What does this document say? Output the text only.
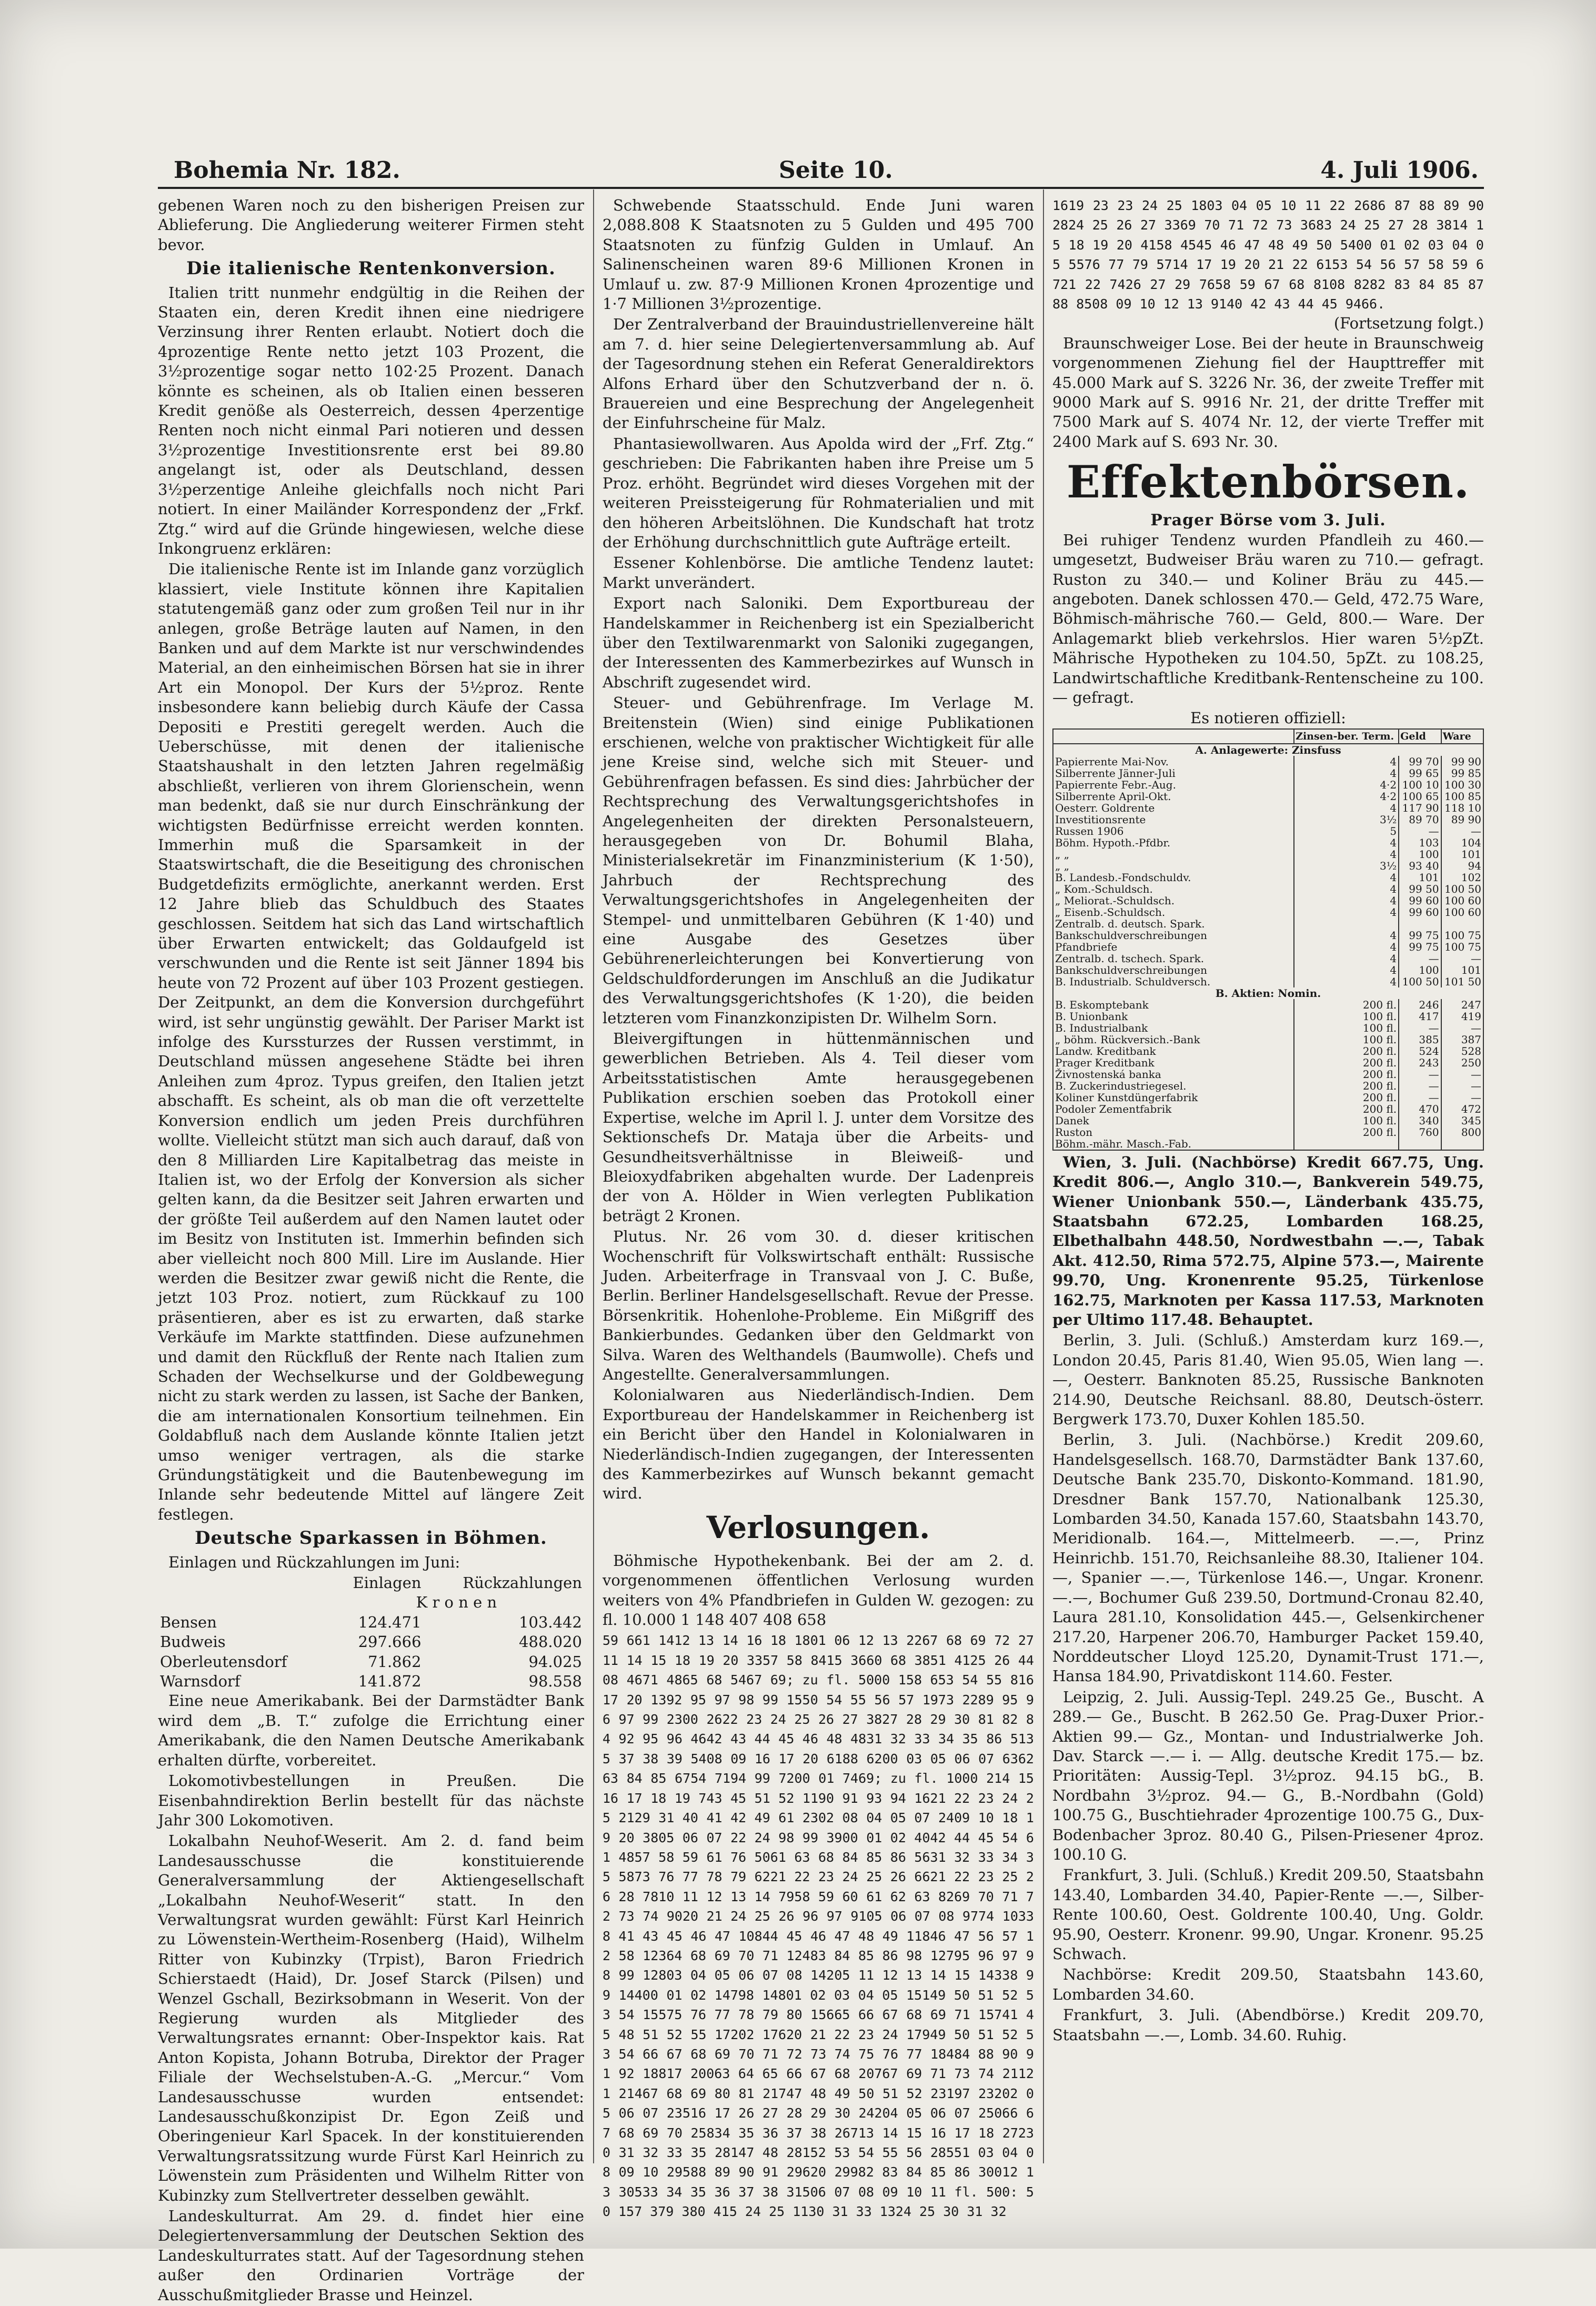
Bohemia Nr. 182.	Seite 10.	4. Juli 1906.

gebenen Waren noch zu den bisherigen Preisen zur Ablieferung. Die Angliederung weiterer Firmen steht bevor.

Die italienische Rentenkonversion.

Italien tritt nunmehr endgültig in die Reihen der Staaten ein, deren Kredit ihnen eine niedrigere Verzinsung ihrer Renten erlaubt. Notiert doch die 4prozentige Rente netto jetzt 103 Prozent, die 3½prozentige sogar netto 102·25 Prozent. Danach könnte es scheinen, als ob Italien einen besseren Kredit genöße als Oesterreich, dessen 4perzentige Renten noch nicht einmal Pari notieren und dessen 3½prozentige Investitionsrente erst bei 89.80 angelangt ist, oder als Deutschland, dessen 3½perzentige Anleihe gleichfalls noch nicht Pari notiert. In einer Mailänder Korrespondenz der „Frkf. Ztg.“ wird auf die Gründe hingewiesen, welche diese Inkongruenz erklären:

Die italienische Rente ist im Inlande ganz vorzüglich klassiert, viele Institute können ihre Kapitalien statutengemäß ganz oder zum großen Teil nur in ihr anlegen, große Beträge lauten auf Namen, in den Banken und auf dem Markte ist nur verschwindendes Material, an den einheimischen Börsen hat sie in ihrer Art ein Monopol. Der Kurs der 5½proz. Rente insbesondere kann beliebig durch Käufe der Cassa Depositi e Prestiti geregelt werden. Auch die Ueberschüsse, mit denen der italienische Staatshaushalt in den letzten Jahren regelmäßig abschließt, verlieren von ihrem Glorienschein, wenn man bedenkt, daß sie nur durch Einschränkung der wichtigsten Bedürfnisse erreicht werden konnten. Immerhin muß die Sparsamkeit in der Staatswirtschaft, die die Beseitigung des chronischen Budgetdefizits ermöglichte, anerkannt werden. Erst 12 Jahre blieb das Schuldbuch des Staates geschlossen. Seitdem hat sich das Land wirtschaftlich über Erwarten entwickelt; das Goldaufgeld ist verschwunden und die Rente ist seit Jänner 1894 bis heute von 72 Prozent auf über 103 Prozent gestiegen. Der Zeitpunkt, an dem die Konversion durchgeführt wird, ist sehr ungünstig gewählt. Der Pariser Markt ist infolge des Kurssturzes der Russen verstimmt, in Deutschland müssen angesehene Städte bei ihren Anleihen zum 4proz. Typus greifen, den Italien jetzt abschafft. Es scheint, als ob man die oft verzettelte Konversion endlich um jeden Preis durchführen wollte. Vielleicht stützt man sich auch darauf, daß von den 8 Milliarden Lire Kapitalbetrag das meiste in Italien ist, wo der Erfolg der Konversion als sicher gelten kann, da die Besitzer seit Jahren erwarten und der größte Teil außerdem auf den Namen lautet oder im Besitz von Instituten ist. Immerhin befinden sich aber vielleicht noch 800 Mill. Lire im Auslande. Hier werden die Besitzer zwar gewiß nicht die Rente, die jetzt 103 Proz. notiert, zum Rückkauf zu 100 präsentieren, aber es ist zu erwarten, daß starke Verkäufe im Markte stattfinden. Diese aufzunehmen und damit den Rückfluß der Rente nach Italien zum Schaden der Wechselkurse und der Goldbewegung nicht zu stark werden zu lassen, ist Sache der Banken, die am internationalen Konsortium teilnehmen. Ein Goldabfluß nach dem Auslande könnte Italien jetzt umso weniger vertragen, als die starke Gründungstätigkeit und die Bautenbewegung im Inlande sehr bedeutende Mittel auf längere Zeit festlegen.

Deutsche Sparkassen in Böhmen.

Einlagen und Rückzahlungen im Juni:

	Einlagen	Rückzahlungen
	K r o n e n	
Bensen	124.471	103.442
Budweis	297.666	488.020
Oberleutensdorf	71.862	94.025
Warnsdorf	141.872	98.558

Eine neue Amerikabank. Bei der Darmstädter Bank wird dem „B. T.“ zufolge die Errichtung einer Amerikabank, die den Namen Deutsche Amerikabank erhalten dürfte, vorbereitet.

Lokomotivbestellungen in Preußen. Die Eisenbahndirektion Berlin bestellt für das nächste Jahr 300 Lokomotiven.

Lokalbahn Neuhof-Weserit. Am 2. d. fand beim Landesausschusse die konstituierende Generalversammlung der Aktiengesellschaft „Lokalbahn Neuhof-Weserit“ statt. In den Verwaltungsrat wurden gewählt: Fürst Karl Heinrich zu Löwenstein-Wertheim-Rosenberg (Haid), Wilhelm Ritter von Kubinzky (Trpist), Baron Friedrich Schierstaedt (Haid), Dr. Josef Starck (Pilsen) und Wenzel Gschall, Bezirksobmann in Weserit. Von der Regierung wurden als Mitglieder des Verwaltungsrates ernannt: Ober-Inspektor kais. Rat Anton Kopista, Johann Botruba, Direktor der Prager Filiale der Wechselstuben-A.-G. „Mercur.“ Vom Landesausschusse wurden entsendet: Landesausschußkonzipist Dr. Egon Zeiß und Oberingenieur Karl Spacek. In der konstituierenden Verwaltungsratssitzung wurde Fürst Karl Heinrich zu Löwenstein zum Präsidenten und Wilhelm Ritter von Kubinzky zum Stellvertreter desselben gewählt.

Landeskulturrat. Am 29. d. findet hier eine Delegiertenversammlung der Deutschen Sektion des Landeskulturrates statt. Auf der Tagesordnung stehen außer den Ordinarien Vorträge der Ausschußmitglieder Brasse und Heinzel.

Schwebende Staatsschuld. Ende Juni waren 2,088.808 K Staatsnoten zu 5 Gulden und 495 700 Staatsnoten zu fünfzig Gulden in Umlauf. An Salinenscheinen waren 89·6 Millionen Kronen in Umlauf u. zw. 87·9 Millionen Kronen 4prozentige und 1·7 Millionen 3½prozentige.

Der Zentralverband der Brauindustriellenvereine hält am 7. d. hier seine Delegiertenversammlung ab. Auf der Tagesordnung stehen ein Referat Generaldirektors Alfons Erhard über den Schutzverband der n. ö. Brauereien und eine Besprechung der Angelegenheit der Einfuhrscheine für Malz.

Phantasiewollwaren. Aus Apolda wird der „Frf. Ztg.“ geschrieben: Die Fabrikanten haben ihre Preise um 5 Proz. erhöht. Begründet wird dieses Vorgehen mit der weiteren Preissteigerung für Rohmaterialien und mit den höheren Arbeitslöhnen. Die Kundschaft hat trotz der Erhöhung durchschnittlich gute Aufträge erteilt.

Essener Kohlenbörse. Die amtliche Tendenz lautet: Markt unverändert.

Export nach Saloniki. Dem Exportbureau der Handelskammer in Reichenberg ist ein Spezialbericht über den Textilwarenmarkt von Saloniki zugegangen, der Interessenten des Kammerbezirkes auf Wunsch in Abschrift zugesendet wird.

Steuer- und Gebührenfrage. Im Verlage M. Breitenstein (Wien) sind einige Publikationen erschienen, welche von praktischer Wichtigkeit für alle jene Kreise sind, welche sich mit Steuer- und Gebührenfragen befassen. Es sind dies: Jahrbücher der Rechtsprechung des Verwaltungsgerichtshofes in Angelegenheiten der direkten Personalsteuern, herausgegeben von Dr. Bohumil Blaha, Ministerialsekretär im Finanzministerium (K 1·50), Jahrbuch der Rechtsprechung des Verwaltungsgerichtshofes in Angelegenheiten der Stempel- und unmittelbaren Gebühren (K 1·40) und eine Ausgabe des Gesetzes über Gebührenerleichterungen bei Konvertierung von Geldschuldforderungen im Anschluß an die Judikatur des Verwaltungsgerichtshofes (K 1·20), die beiden letzteren vom Finanzkonzipisten Dr. Wilhelm Sorn.

Bleivergiftungen in hüttenmännischen und gewerblichen Betrieben. Als 4. Teil dieser vom Arbeitsstatistischen Amte herausgegebenen Publikation erschien soeben das Protokoll einer Expertise, welche im April l. J. unter dem Vorsitze des Sektionschefs Dr. Mataja über die Arbeits- und Gesundheitsverhältnisse in Bleiweiß- und Bleioxydfabriken abgehalten wurde. Der Ladenpreis der von A. Hölder in Wien verlegten Publikation beträgt 2 Kronen.

Plutus. Nr. 26 vom 30. d. dieser kritischen Wochenschrift für Volkswirtschaft enthält: Russische Juden. Arbeiterfrage in Transvaal von J. C. Buße, Berlin. Berliner Handelsgesellschaft. Revue der Presse. Börsenkritik. Hohenlohe-Probleme. Ein Mißgriff des Bankierbundes. Gedanken über den Geldmarkt von Silva. Waren des Welthandels (Baumwolle). Chefs und Angestellte. Generalversammlungen.

Kolonialwaren aus Niederländisch-Indien. Dem Exportbureau der Handelskammer in Reichenberg ist ein Bericht über den Handel in Kolonialwaren in Niederländisch-Indien zugegangen, der Interessenten des Kammerbezirkes auf Wunsch bekannt gemacht wird.

Verlosungen.

Böhmische Hypothekenbank. Bei der am 2. d. vorgenommenen öffentlichen Verlosung wurden weiters von 4% Pfandbriefen in Gulden W. gezogen: zu fl. 10.000 1 148 407 408 658

59 661 1412 13 14 16 18 1801 06 12 13 2267 68 69 72 2711 14 15 18 19 20 3357 58 8415 3660 68 3851 4125 26 4408 4671 4865 68 5467 69; zu fl. 5000 158 653 54 55 816 17 20 1392 95 97 98 99 1550 54 55 56 57 1973 2289 95 96 97 99 2300 2622 23 24 25 26 27 3827 28 29 30 81 82 84 92 95 96 4642 43 44 45 46 48 4831 32 33 34 35 86 5135 37 38 39 5408 09 16 17 20 6188 6200 03 05 06 07 6362 63 84 85 6754 7194 99 7200 01 7469; zu fl. 1000 214 15 16 17 18 19 743 45 51 52 1190 91 93 94 1621 22 23 24 25 2129 31 40 41 42 49 61 2302 08 04 05 07 2409 10 18 19 20 3805 06 07 22 24 98 99 3900 01 02 4042 44 45 54 61 4857 58 59 61 76 5061 63 68 84 85 86 5631 32 33 34 35 5873 76 77 78 79 6221 22 23 24 25 26 6621 22 23 25 26 28 7810 11 12 13 14 7958 59 60 61 62 63 8269 70 71 72 73 74 9020 21 24 25 26 96 97 9105 06 07 08 9774 10338 41 43 45 46 47 10844 45 46 47 48 49 11846 47 56 57 12 58 12364 68 69 70 71 12483 84 85 86 98 12795 96 97 98 99 12803 04 05 06 07 08 14205 11 12 13 14 15 14338 99 14400 01 02 14798 14801 02 03 04 05 15149 50 51 52 53 54 15575 76 77 78 79 80 15665 66 67 68 69 71 15741 45 48 51 52 55 17202 17620 21 22 23 24 17949 50 51 52 53 54 66 67 68 69 70 71 72 73 74 75 76 77 18484 88 90 91 92 18817 20063 64 65 66 67 68 20767 69 71 73 74 21121 21467 68 69 80 81 21747 48 49 50 51 52 23197 23202 05 06 07 23516 17 26 27 28 29 30 24204 05 06 07 25066 67 68 69 70 25834 35 36 37 38 26713 14 15 16 17 18 27230 31 32 33 35 28147 48 28152 53 54 55 56 28551 03 04 08 09 10 29588 89 90 91 29620 29982 83 84 85 86 30012 13 30533 34 35 36 37 38 31506 07 08 09 10 11 fl. 500: 50 157 379 380 415 24 25 1130 31 33 1324 25 30 31 32
1619 23 23 24 25 1803 04 05 10 11 22 2686 87 88 89 90 2824 25 26 27 3369 70 71 72 73 3683 24 25 27 28 3814 15 18 19 20 4158 4545 46 47 48 49 50 5400 01 02 03 04 05 5576 77 79 5714 17 19 20 21 22 6153 54 56 57 58 59 6721 22 7426 27 29 7658 59 67 68 8108 8282 83 84 85 87 88 8508 09 10 12 13 9140 42 43 44 45 9466.
(Fortsetzung folgt.)

Braunschweiger Lose. Bei der heute in Braunschweig vorgenommenen Ziehung fiel der Haupttreffer mit 45.000 Mark auf S. 3226 Nr. 36, der zweite Treffer mit 9000 Mark auf S. 9916 Nr. 21, der dritte Treffer mit 7500 Mark auf S. 4074 Nr. 12, der vierte Treffer mit 2400 Mark auf S. 693 Nr. 30.

Effektenbörsen.
Prager Börse vom 3. Juli.

Bei ruhiger Tendenz wurden Pfandleih zu 460.— umgesetzt, Budweiser Bräu waren zu 710.— gefragt. Ruston zu 340.— und Koliner Bräu zu 445.— angeboten. Danek schlossen 470.— Geld, 472.75 Ware, Böhmisch-mährische 760.— Geld, 800.— Ware. Der Anlagemarkt blieb verkehrslos. Hier waren 5½pZt. Mährische Hypotheken zu 104.50, 5pZt. zu 108.25, Landwirtschaftliche Kreditbank-Rentenscheine zu 100.— gefragt.

Es notieren offiziell:
	Zinsen-ber. Term.	Geld	Ware
A. Anlagewerte: Zinsfuss			
Papierrente Mai-Nov.	4	99 70	99 90
Silberrente Jänner-Juli	4	99 65	99 85
Papierrente Febr.-Aug.	4·2	100 10	100 30
Silberrente April-Okt.	4·2	100 65	100 85
Oesterr. Goldrente	4	117 90	118 10
Investitionsrente	3½	89 70	89 90
Russen 1906	5	—	—
Böhm. Hypoth.-Pfdbr.	4	103	104
„ „	4	100	101
„ „	3½	93 40	94
B. Landesb.-Fondschuldv.	4	101	102
„ Kom.-Schuldsch.	4	99 50	100 50
„ Meliorat.-Schuldsch.	4	99 60	100 60
„ Eisenb.-Schuldsch.	4	99 60	100 60
Zentralb. d. deutsch. Spark.			
Bankschuldverschreibungen	4	99 75	100 75
Pfandbriefe	4	99 75	100 75
Zentralb. d. tschech. Spark.	4	—	—
Bankschuldverschreibungen	4	100	101
B. Industrialb. Schuldversch.	4	100 50	101 50
B. Aktien: Nomin.			
B. Eskomptebank	200 fl.	246	247
B. Unionbank	100 fl.	417	419
B. Industrialbank	100 fl.	—	—
„ böhm. Rückversich.-Bank	100 fl.	385	387
Landw. Kreditbank	200 fl.	524	528
Prager Kreditbank	200 fl.	243	250
Živnostenská banka	200 fl.	—	—
B. Zuckerindustriegesel.	200 fl.	—	—
Koliner Kunstdüngerfabrik	200 fl.	—	—
Podoler Zementfabrik	200 fl.	470	472
Danek	100 fl.	340	345
Ruston	200 fl.	760	800
Böhm.-mähr. Masch.-Fab.			

Wien, 3. Juli. (Nachbörse) Kredit 667.75, Ung. Kredit 806.—, Anglo 310.—, Bankverein 549.75, Wiener Unionbank 550.—, Länderbank 435.75, Staatsbahn 672.25, Lombarden 168.25, Elbethalbahn 448.50, Nordwestbahn —.—, Tabak Akt. 412.50, Rima 572.75, Alpine 573.—, Mairente 99.70, Ung. Kronenrente 95.25, Türkenlose 162.75, Marknoten per Kassa 117.53, Marknoten per Ultimo 117.48. Behauptet.

Berlin, 3. Juli. (Schluß.) Amsterdam kurz 169.—, London 20.45, Paris 81.40, Wien 95.05, Wien lang —.—, Oesterr. Banknoten 85.25, Russische Banknoten 214.90, Deutsche Reichsanl. 88.80, Deutsch-österr. Bergwerk 173.70, Duxer Kohlen 185.50.

Berlin, 3. Juli. (Nachbörse.) Kredit 209.60, Handelsgesellsch. 168.70, Darmstädter Bank 137.60, Deutsche Bank 235.70, Diskonto-Kommand. 181.90, Dresdner Bank 157.70, Nationalbank 125.30, Lombarden 34.50, Kanada 157.60, Staatsbahn 143.70, Meridionalb. 164.—, Mittelmeerb. —.—, Prinz Heinrichb. 151.70, Reichsanleihe 88.30, Italiener 104.—, Spanier —.—, Türkenlose 146.—, Ungar. Kronenr. —.—, Bochumer Guß 239.50, Dortmund-Cronau 82.40, Laura 281.10, Konsolidation 445.—, Gelsenkirchener 217.20, Harpener 206.70, Hamburger Packet 159.40, Norddeutscher Lloyd 125.20, Dynamit-Trust 171.—, Hansa 184.90, Privatdiskont 114.60. Fester.

Leipzig, 2. Juli. Aussig-Tepl. 249.25 Ge., Buscht. A 289.— Ge., Buscht. B 262.50 Ge. Prag-Duxer Prior.-Aktien 99.— Gz., Montan- und Industrialwerke Joh. Dav. Starck —.— i. — Allg. deutsche Kredit 175.— bz. Prioritäten: Aussig-Tepl. 3½proz. 94.15 bG., B. Nordbahn 3½proz. 94.— G., B.-Nordbahn (Gold) 100.75 G., Buschtiehrader 4prozentige 100.75 G., Dux-Bodenbacher 3proz. 80.40 G., Pilsen-Priesener 4proz. 100.10 G.

Frankfurt, 3. Juli. (Schluß.) Kredit 209.50, Staatsbahn 143.40, Lombarden 34.40, Papier-Rente —.—, Silber-Rente 100.60, Oest. Goldrente 100.40, Ung. Goldr. 95.90, Oesterr. Kronenr. 99.90, Ungar. Kronenr. 95.25 Schwach.

Nachbörse: Kredit 209.50, Staatsbahn 143.60, Lombarden 34.60.

Frankfurt, 3. Juli. (Abendbörse.) Kredit 209.70, Staatsbahn —.—, Lomb. 34.60. Ruhig.
